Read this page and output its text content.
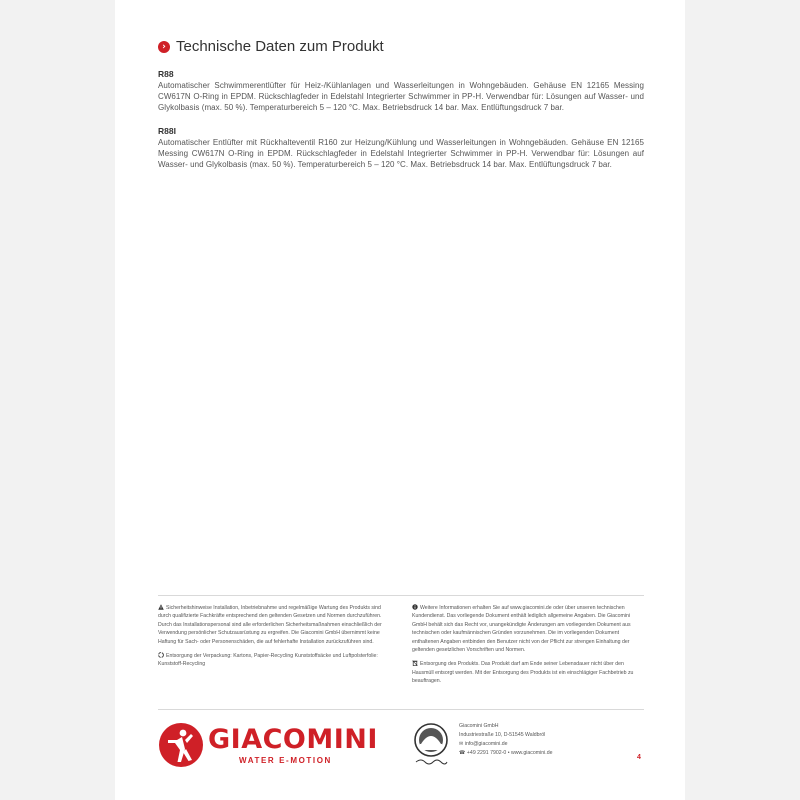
› Technische Daten zum Produkt
R88
Automatischer Schwimmerentlüfter für Heiz-/Kühlanlagen und Wasserleitungen in Wohngebäuden. Gehäuse EN 12165 Messing CW617N O-Ring in EPDM. Rückschlagfeder in Edelstahl Integrierter Schwimmer in PP-H. Verwendbar für: Lösungen auf Wasser- und Glykolbasis (max. 50 %). Temperaturbereich 5 – 120 °C. Max. Betriebsdruck 14 bar. Max. Entlüftungsdruck 7 bar.
R88I
Automatischer Entlüfter mit Rückhalteventil R160 zur Heizung/Kühlung und Wasserleitungen in Wohngebäuden. Gehäuse EN 12165 Messing CW617N O-Ring in EPDM. Rückschlagfeder in Edelstahl Integrierter Schwimmer in PP-H. Verwendbar für: Lösungen auf Wasser- und Glykolbasis (max. 50 %). Temperaturbereich 5 – 120 °C. Max. Betriebsdruck 14 bar. Max. Entlüftungsdruck 7 bar.
Sicherheitshinweise Installation, Inbetriebnahme und regelmäßige Wartung des Produkts sind durch qualifizierte Fachkräfte entsprechend den geltenden Gesetzen und Normen durchzuführen. Durch das Installationspersonal sind alle erforderlichen Sicherheitsmaßnahmen einschließlich der Verwendung persönlicher Schutzausrüstung zu ergreifen. Die Giacomini GmbH übernimmt keine Haftung für Sach- oder Personenschäden, die auf fehlerhafte Installation zurückzuführen sind.
Entsorgung der Verpackung: Kartons, Papier-Recycling Kunststoffsäcke und Luftpolsterfolie: Kunststoff-Recycling
Weitere Informationen erhalten Sie auf www.giacomini.de oder über unseren technischen Kundendienst. Das vorliegende Dokument enthält lediglich allgemeine Angaben. Die Giacomini GmbH behält sich das Recht vor, unangekündigte Änderungen am vorliegenden Dokument aus technischen oder kaufmännischen Gründen vorzunehmen. Die im vorliegenden Dokument enthaltenen Angaben entbinden den Benutzer nicht von der Pflicht zur strengen Einhaltung der geltenden gesetzlichen Vorschriften und Normen.
Entsorgung des Produkts. Das Produkt darf am Ende seiner Lebensdauer nicht über den Hausmüll entsorgt werden. Mit der Entsorgung des Produkts ist ein einschlägiger Fachbetrieb zu beauftragen.
GIACOMINI
WATER E-MOTION
Giacomini GmbH
Industriestraße 10, D-51545 Waldbröl
✉ info@giacomini.de
☎ +49 2291 7902-0 • www.giacomini.de
4
